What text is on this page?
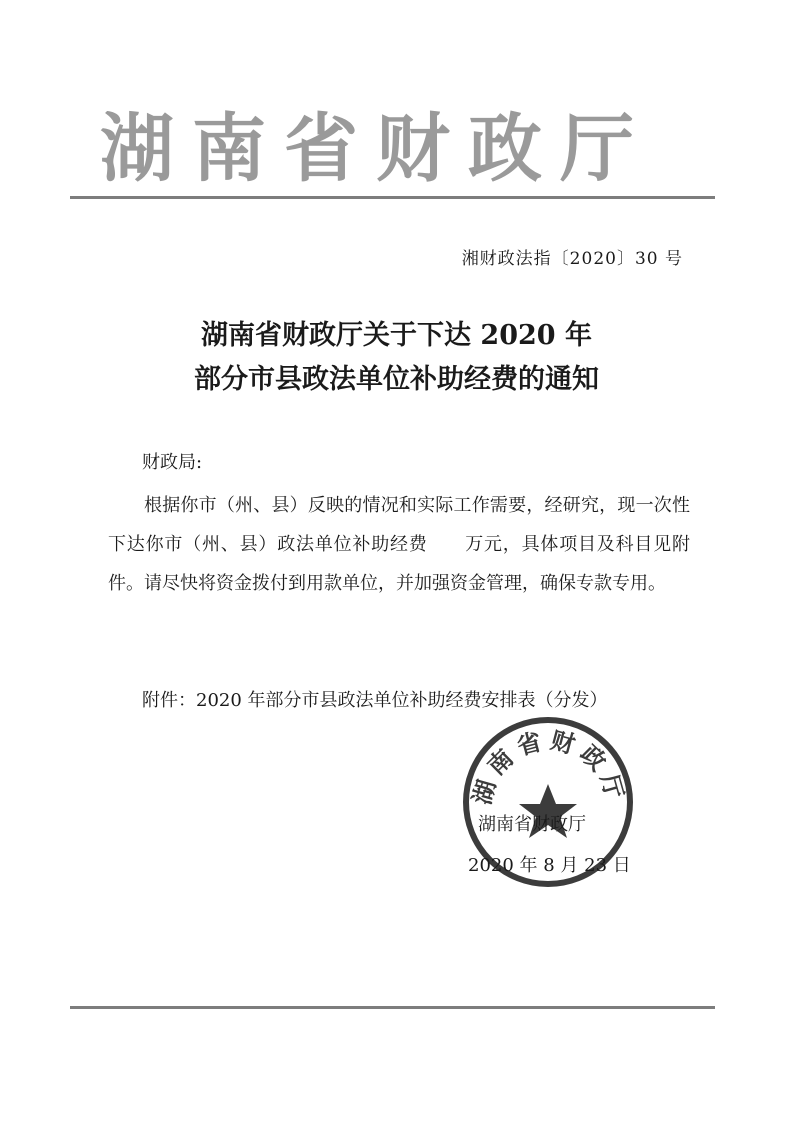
湖南省财政厅
湘财政法指〔2020〕30 号
湖南省财政厅关于下达 2020 年
部分市县政法单位补助经费的通知
财政局:
根据你市（州、县）反映的情况和实际工作需要，经研究，现一次性下达你市（州、县）政法单位补助经费　　万元，具体项目及科目见附件。请尽快将资金拨付到用款单位，并加强资金管理，确保专款专用。
附件：2020 年部分市县政法单位补助经费安排表（分发）
湖南省财政厅
湖南省财政厅
2020 年 8 月 23 日
